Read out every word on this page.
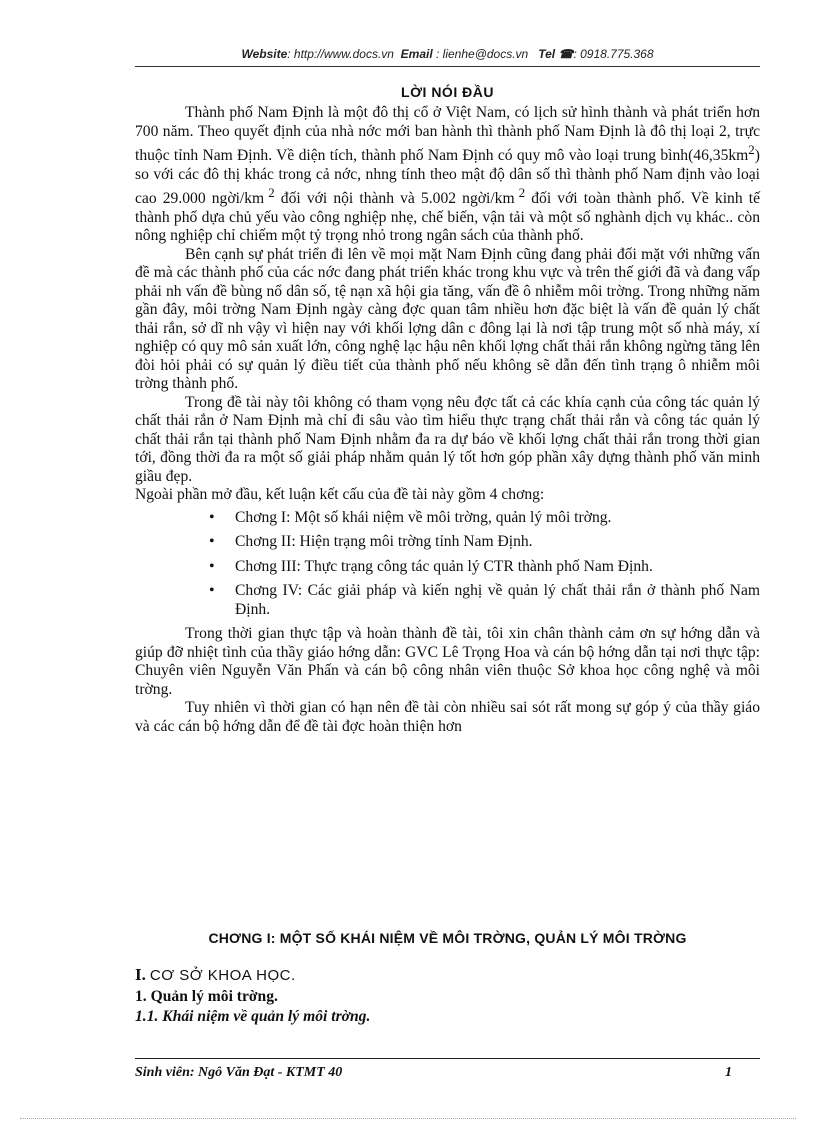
Website: http://www.docs.vn Email : lienhe@docs.vn Tel ☎: 0918.775.368
LỜI NÓI ĐẦU

Thành phố Nam Định là một đô thị cổ ở Việt Nam, có lịch sử hình thành và phát triển hơn 700 năm. Theo quyết định của nhà nớc mới ban hành thì thành phố Nam Định là đô thị loại 2, trực thuộc tỉnh Nam Định. Về diện tích, thành phố Nam Định có quy mô vào loại trung $bình(46,35km^2)$ so với các đô thị khác trong cả nớc, nhng tính theo mật độ dân số thì thành phố Nam định vào loại cao 29.000 ngời/km $^2$ đối với nội thành và 5.002 ngời/km $^2$ đối với toàn thành phố. Về kinh tế thành phố dựa chủ yếu vào công nghiệp nhẹ, chế biến, vận tải và một số nghành dịch vụ khác.. còn nông nghiệp chỉ chiếm một tỷ trọng nhỏ trong ngân sách của thành phố.

Bên cạnh sự phát triển đi lên về mọi mặt Nam Định cũng đang phải đối mặt với những vấn đề mà các thành phố của các nớc đang phát triển khác trong khu vực và trên thế giới đã và đang vấp phải nh vấn đề bùng nổ dân số, tệ nạn xã hội gia tăng, vấn đề ô nhiễm môi trờng. Trong những năm gần đây, môi trờng Nam Định ngày càng đợc quan tâm nhiều hơn đặc biệt là vấn đề quản lý chất thải rắn, sở dĩ nh vậy vì hiện nay với khối lợng dân c đông lại là nơi tập trung một số nhà máy, xí nghiệp có quy mô sản xuất lớn, công nghệ lạc hậu nên khối lợng chất thải rắn không ngừng tăng lên đòi hỏi phải có sự quản lý điều tiết của thành phố nếu không sẽ dẫn đến tình trạng ô nhiễm môi trờng thành phố.

Trong đề tài này tôi không có tham vọng nêu đợc tất cả các khía cạnh của công tác quản lý chất thải rắn ở Nam Định mà chỉ đi sâu vào tìm hiểu thực trạng chất thải rắn và công tác quản lý chất thải rắn tại thành phố Nam Định nhằm đa ra dự báo về khối lợng chất thải rắn trong thời gian tới, đồng thời đa ra một số giải pháp nhằm quản lý tốt hơn góp phần xây dựng thành phố văn minh giầu đẹp.

Ngoài phần mở đầu, kết luận kết cấu của đề tài này gồm 4 chơng:

•	Chơng I: Một số khái niệm về môi trờng, quản lý môi trờng.
•	Chơng II: Hiện trạng môi trờng tỉnh Nam Định.
•	Chơng III: Thực trạng công tác quản lý CTR thành phố Nam Định.
•	Chơng IV: Các giải pháp và kiến nghị về quản lý chất thải rắn ở thành phố Nam Định.

Trong thời gian thực tập và hoàn thành đề tài, tôi xin chân thành cảm ơn sự hớng dẫn và giúp đỡ nhiệt tình của thầy giáo hớng dẫn: GVC Lê Trọng Hoa và cán bộ hớng dẫn tại nơi thực tập: Chuyên viên Nguyễn Văn Phấn và cán bộ công nhân viên thuộc Sở khoa học công nghệ và môi trờng.

Tuy nhiên vì thời gian có hạn nên đề tài còn nhiều sai sót rất mong sự góp ý của thầy giáo và các cán bộ hớng dẫn để đề tài đợc hoàn thiện hơn

CHƠNG I: MỘT SỐ KHÁI NIỆM VỀ MÔI TRỜNG, QUẢN LÝ MÔI TRỜNG
I. CƠ SỞ KHOA HỌC.
1. Quản lý môi trờng.
1.1. Khái niệm về quản lý môi trờng.
Sinh viên: Ngô Văn Đạt - KTMT 40	1
